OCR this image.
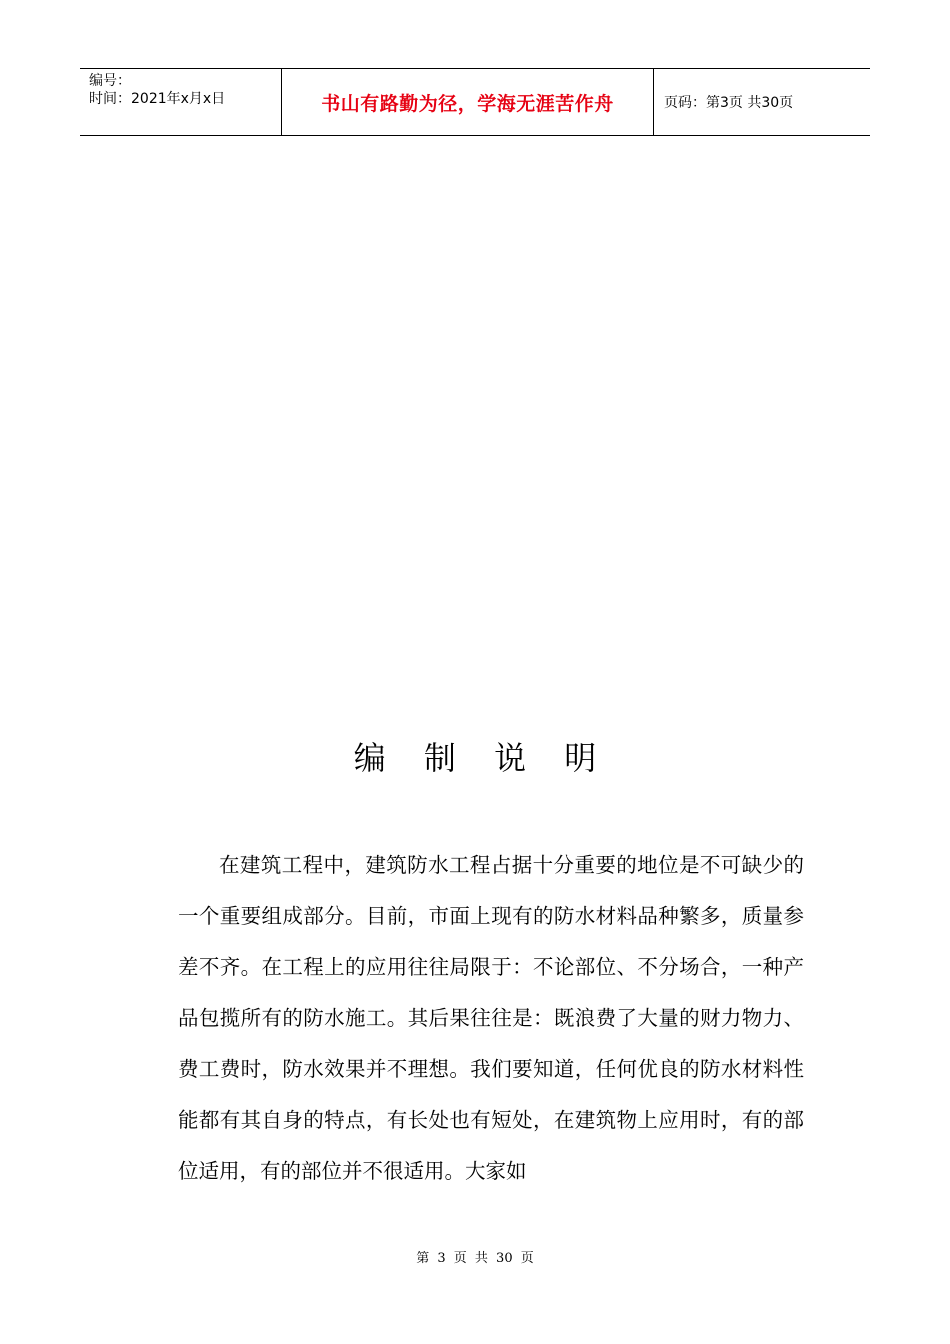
编号：
时间：2021年x月x日	书山有路勤为径，学海无涯苦作舟	页码：第3页 共30页
编 制 说 明

在建筑工程中，建筑防水工程占据十分重要的地位是不可缺少的一个重要组成部分。目前，市面上现有的防水材料品种繁多，质量参差不齐。在工程上的应用往往局限于：不论部位、不分场合，一种产品包揽所有的防水施工。其后果往往是：既浪费了大量的财力物力、费工费时，防水效果并不理想。我们要知道，任何优良的防水材料性能都有其自身的特点，有长处也有短处，在建筑物上应用时，有的部位适用，有的部位并不很适用。大家如

第 3 页 共 30 页
